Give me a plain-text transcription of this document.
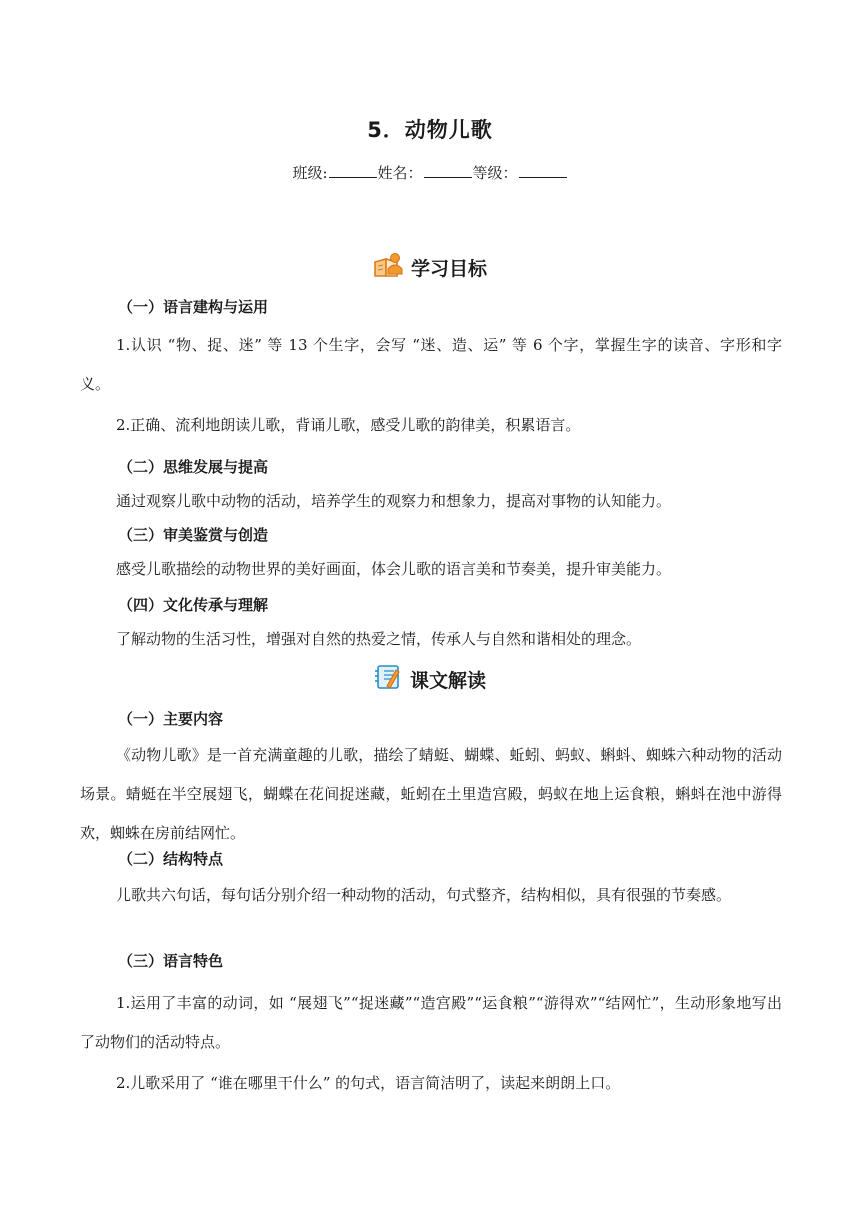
5．动物儿歌
班级:	姓名：	等级：
学习目标
（一）语言建构与运用
1.认识 “物、捉、迷” 等 13 个生字，会写 “迷、造、运” 等 6 个字，掌握生字的读音、字形和字义。
2.正确、流利地朗读儿歌，背诵儿歌，感受儿歌的韵律美，积累语言。
（二）思维发展与提高
通过观察儿歌中动物的活动，培养学生的观察力和想象力，提高对事物的认知能力。
（三）审美鉴赏与创造
感受儿歌描绘的动物世界的美好画面，体会儿歌的语言美和节奏美，提升审美能力。
（四）文化传承与理解
了解动物的生活习性，增强对自然的热爱之情，传承人与自然和谐相处的理念。
课文解读
（一）主要内容
《动物儿歌》是一首充满童趣的儿歌，描绘了蜻蜓、蝴蝶、蚯蚓、蚂蚁、蝌蚪、蜘蛛六种动物的活动场景。蜻蜓在半空展翅飞，蝴蝶在花间捉迷藏，蚯蚓在土里造宫殿，蚂蚁在地上运食粮，蝌蚪在池中游得欢，蜘蛛在房前结网忙。
（二）结构特点
儿歌共六句话，每句话分别介绍一种动物的活动，句式整齐，结构相似，具有很强的节奏感。
（三）语言特色
1.运用了丰富的动词，如 “展翅飞”“捉迷藏”“造宫殿”“运食粮”“游得欢”“结网忙”，生动形象地写出了动物们的活动特点。
2.儿歌采用了 “谁在哪里干什么” 的句式，语言简洁明了，读起来朗朗上口。
